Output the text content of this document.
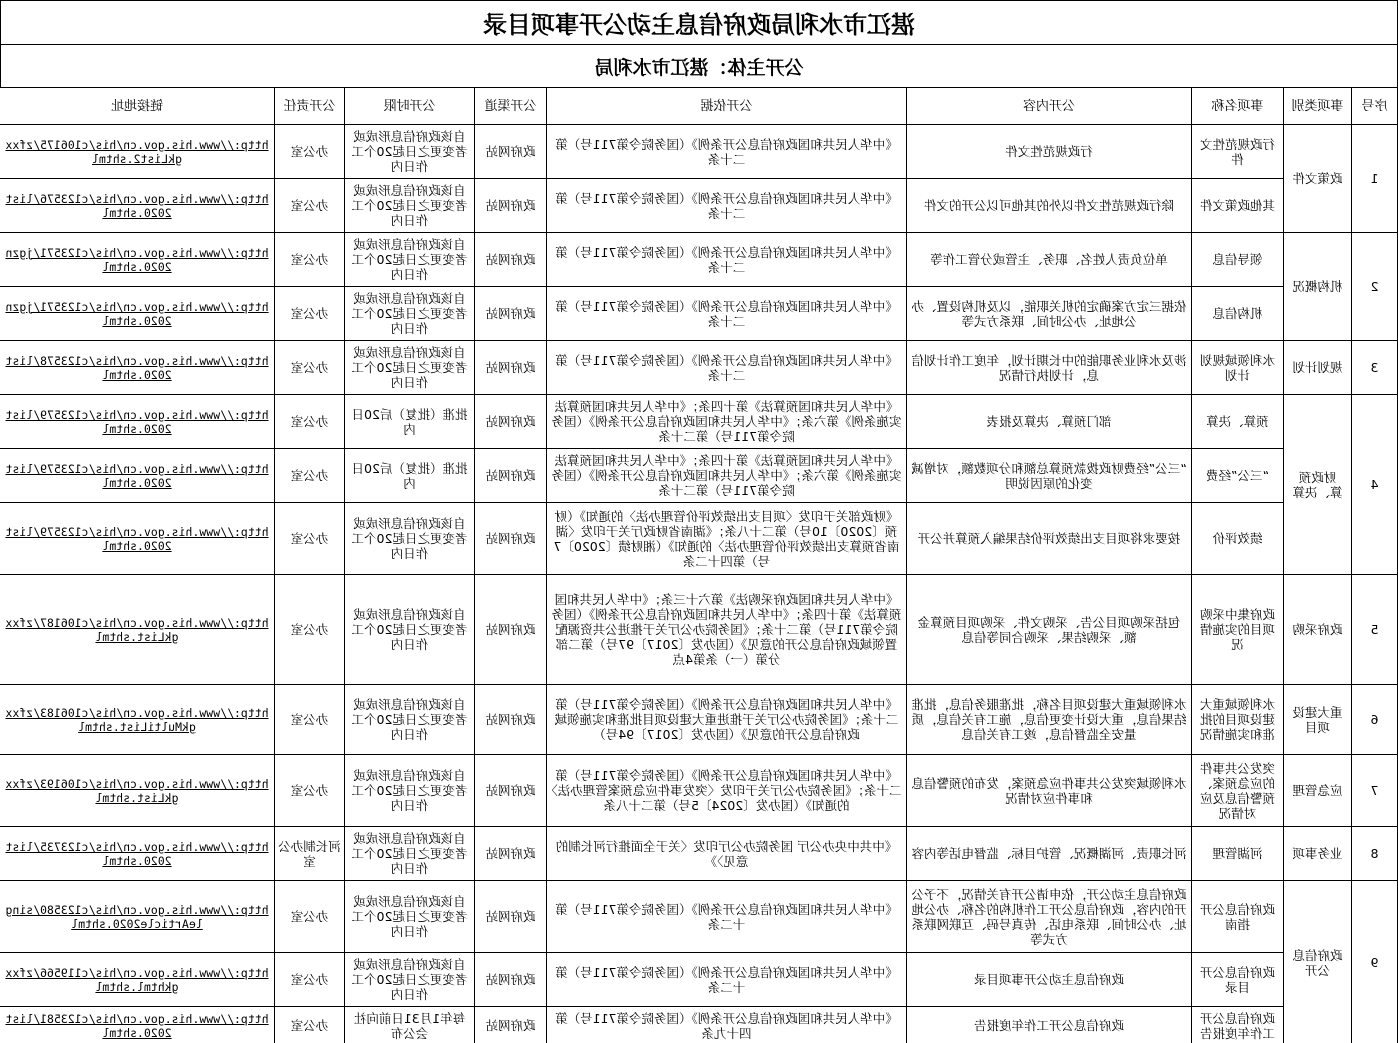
湛江市水利局政府信息主动公开事项目录
公开主体：湛江市水利局
序号	事项类别	事项名称	公开内容	公开依据	公开渠道	公开时限	公开责任	链接地址
1	政策文件	行政规范性文件	行政规范性文件	《中华人民共和国政府信息公开条例》（国务院令第711号）第二十条	政府网站	自该政府信息形成或者变更之日起20个工作日内	办公室	http://www.his.gov.cn/his/c106175/zfxxgkList2.shtml
		其他政策文件	除行政规范性文件以外的其他可以公开的文件	《中华人民共和国政府信息公开条例》（国务院令第711号）第二十条	政府网站	自该政府信息形成或者变更之日起20个工作日内	办公室	http://www.his.gov.cn/his/c123576/list2020.shtml
2	机构概况	领导信息	单位负责人姓名、职务、主管或分管工作等	《中华人民共和国政府信息公开条例》（国务院令第711号）第二十条	政府网站	自该政府信息形成或者变更之日起20个工作日内	办公室	http://www.his.gov.cn/his/c123571/jgzn2020.shtml
		机构信息	依据三定方案确定的机关职能，以及机构设置、办公地址、办公时间、联系方式等	《中华人民共和国政府信息公开条例》（国务院令第711号）第二十条	政府网站	自该政府信息形成或者变更之日起20个工作日内	办公室	http://www.his.gov.cn/his/c123571/jgzn2020.shtml
3	规划计划	水利领域规划计划	涉及水利业务职能的中长期计划，年度工作计划信息，计划执行情况	《中华人民共和国政府信息公开条例》（国务院令第711号）第二十条	政府网站	自该政府信息形成或者变更之日起20个工作日内	办公室	http://www.his.gov.cn/his/c123578/list2020.shtml
4	财政预算、决算	预算、决算	部门预算、决算及报表	《中华人民共和国预算法》第十四条；《中华人民共和国预算法实施条例》第六条；《中华人民共和国政府信息公开条例》（国务院令第711号）第二十条	政府网站	批准（批复）后20日内	办公室	http://www.his.gov.cn/his/c123579/list2020.shtml
		“三公”经费	“三公”经费财政拨款预算总额和分项数额，对增减变化的原因说明	《中华人民共和国预算法》第十四条；《中华人民共和国预算法实施条例》第六条；《中华人民共和国政府信息公开条例》（国务院令第711号）第二十条	政府网站	批准（批复）后20日内	办公室	http://www.his.gov.cn/his/c123579/list2020.shtml
		绩效评价	按要求将项目支出绩效评价结果编入预算并公开	《财政部关于印发〈项目支出绩效评价管理办法〉的通知》（财预〔2020〕10号）第二十八条；《湖南省财政厅关于印发〈湖南省预算支出绩效评价管理办法〉的通知》（湘财绩〔2020〕7号）第四十二条	政府网站	自该政府信息形成或者变更之日起20个工作日内	办公室	http://www.his.gov.cn/his/c123579/list2020.shtml
5	政府采购	政府集中采购项目的实施情况	包括采购项目公告、采购文件、采购项目预算金额、采购结果、采购合同等信息	《中华人民共和国政府采购法》第六十三条；《中华人民共和国预算法》第十四条；《中华人民共和国政府信息公开条例》（国务院令第711号）第二十条；《国务院办公厅关于推进公共资源配置领域政府信息公开的意见》（国办发〔2017〕97号）第二部分第（一）条第4点	政府网站	自该政府信息形成或者变更之日起20个工作日内	办公室	http://www.his.gov.cn/his/c106187/zfxxgkList.shtml
6	重大建设项目	水利领域重大建设项目的批准和实施情况	水利领域重大建设项目名称，批准服务信息，批准结果信息，重大设计变更信息，施工有关信息，质量安全监督信息，竣工有关信息	《中华人民共和国政府信息公开条例》（国务院令第711号）第二十条；《国务院办公厅关于推进重大建设项目批准和实施领域政府信息公开的意见》（国办发〔2017〕94号）	政府网站	自该政府信息形成或者变更之日起20个工作日内	办公室	http://www.his.gov.cn/his/c106183/zfxxgkMultiList.shtml
7	应急管理	突发公共事件的应急预案、预警信息及应对情况	水利领域突发公共事件应急预案，发布的预警信息和事件应对情况	《中华人民共和国政府信息公开条例》（国务院令第711号）第二十条；《国务院办公厅关于印发〈突发事件应急预案管理办法〉的通知》（国办发〔2024〕5号）第二十八条	政府网站	自该政府信息形成或者变更之日起20个工作日内	办公室	http://www.his.gov.cn/his/c106193/zfxxgkList.shtml
8	业务事项	河湖管理	河长职责、河湖概况、管护目标、监督电话等内容	《中共中央办公厅 国务院办公厅印发〈关于全面推行河长制的意见〉》	政府网站	自该政府信息形成或者变更之日起20个工作日内	河长制办公室	http://www.his.gov.cn/his/c123735/list2020.shtml
9	政府信息公开	政府信息公开指南	政府信息主动公开，依申请公开有关情况，不予公开的内容，政府信息公开工作机构的名称、办公地址、办公时间、联系电话、传真号码、互联网联系方式等	《中华人民共和国政府信息公开条例》（国务院令第711号）第十二条	政府网站	自该政府信息形成或者变更之日起20个工作日内	办公室	http://www.his.gov.cn/his/c123580/singleArticle2020.shtml
		政府信息公开目录	政府信息主动公开事项目录	《中华人民共和国政府信息公开条例》（国务院令第711号）第十二条	政府网站	自该政府信息形成或者变更之日起20个工作日内	办公室	http://www.his.gov.cn/his/c119566/zfxxgkhtml.shtml
		政府信息公开工作年度报告	政府信息公开工作年度报告	《中华人民共和国政府信息公开条例》（国务院令第711号）第四十九条	政府网站	每年1月31日前向社会公布	办公室	http://www.his.gov.cn/his/c123581/list2020.shtml
